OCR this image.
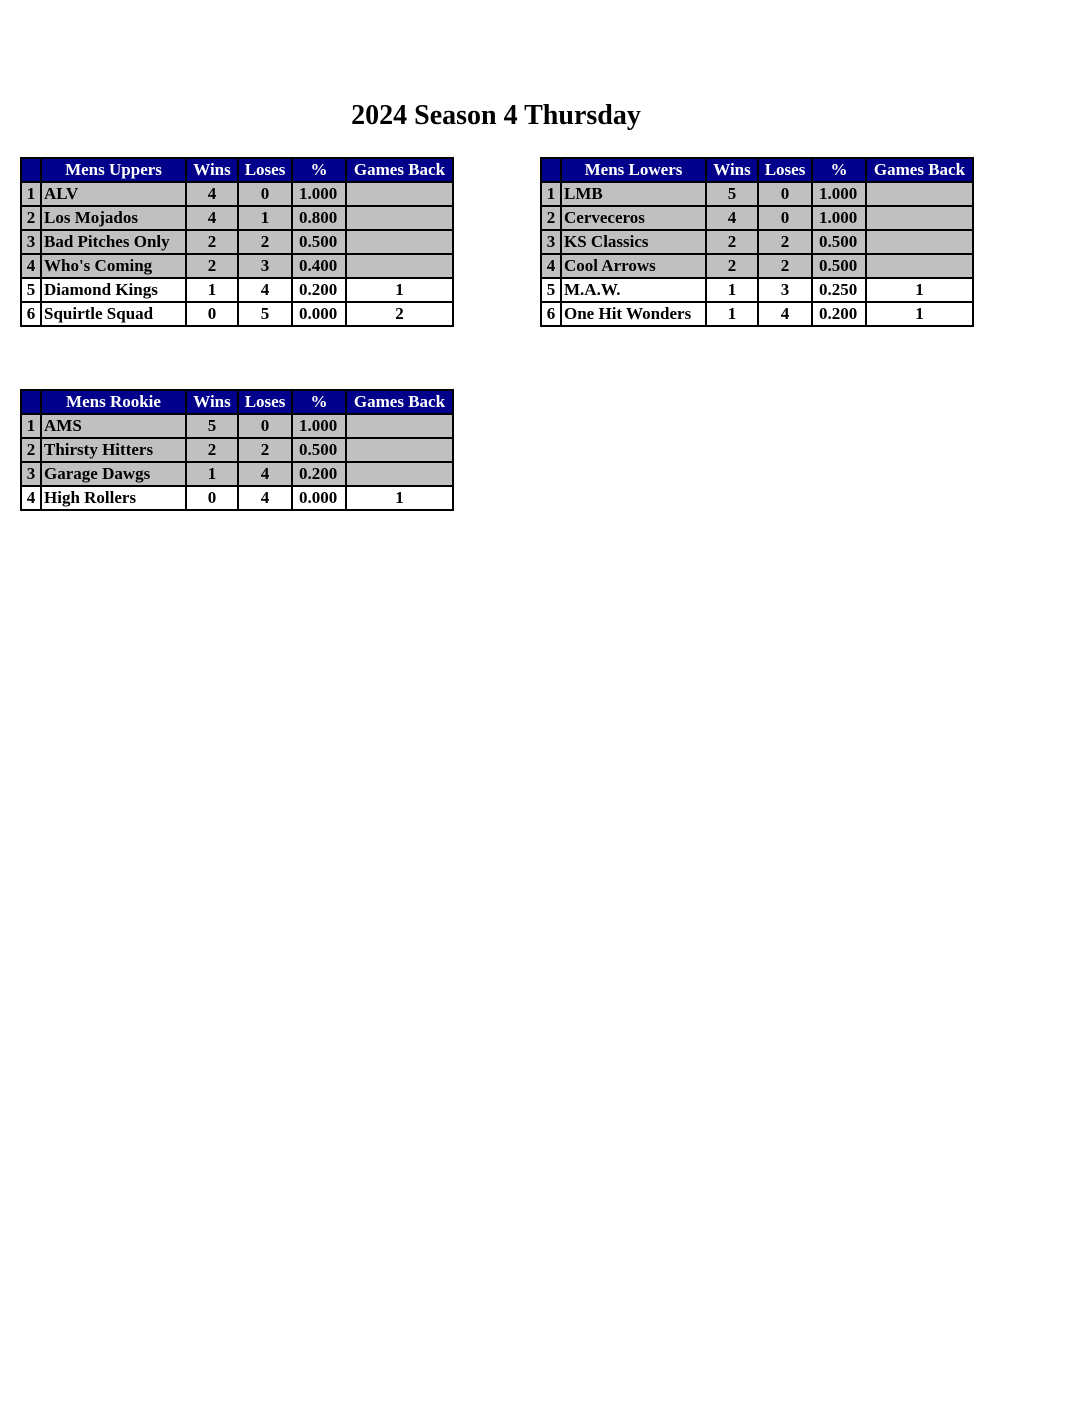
2024 Season 4 Thursday
	Mens Uppers	Wins	Loses	%	Games Back
1	ALV	4	0	1.000	
2	Los Mojados	4	1	0.800	
3	Bad Pitches Only	2	2	0.500	
4	Who's Coming	2	3	0.400	
5	Diamond Kings	1	4	0.200	1
6	Squirtle Squad	0	5	0.000	2
	Mens Lowers	Wins	Loses	%	Games Back
1	LMB	5	0	1.000	
2	Cerveceros	4	0	1.000	
3	KS Classics	2	2	0.500	
4	Cool Arrows	2	2	0.500	
5	M.A.W.	1	3	0.250	1
6	One Hit Wonders	1	4	0.200	1
	Mens Rookie	Wins	Loses	%	Games Back
1	AMS	5	0	1.000	
2	Thirsty Hitters	2	2	0.500	
3	Garage Dawgs	1	4	0.200	
4	High Rollers	0	4	0.000	1
